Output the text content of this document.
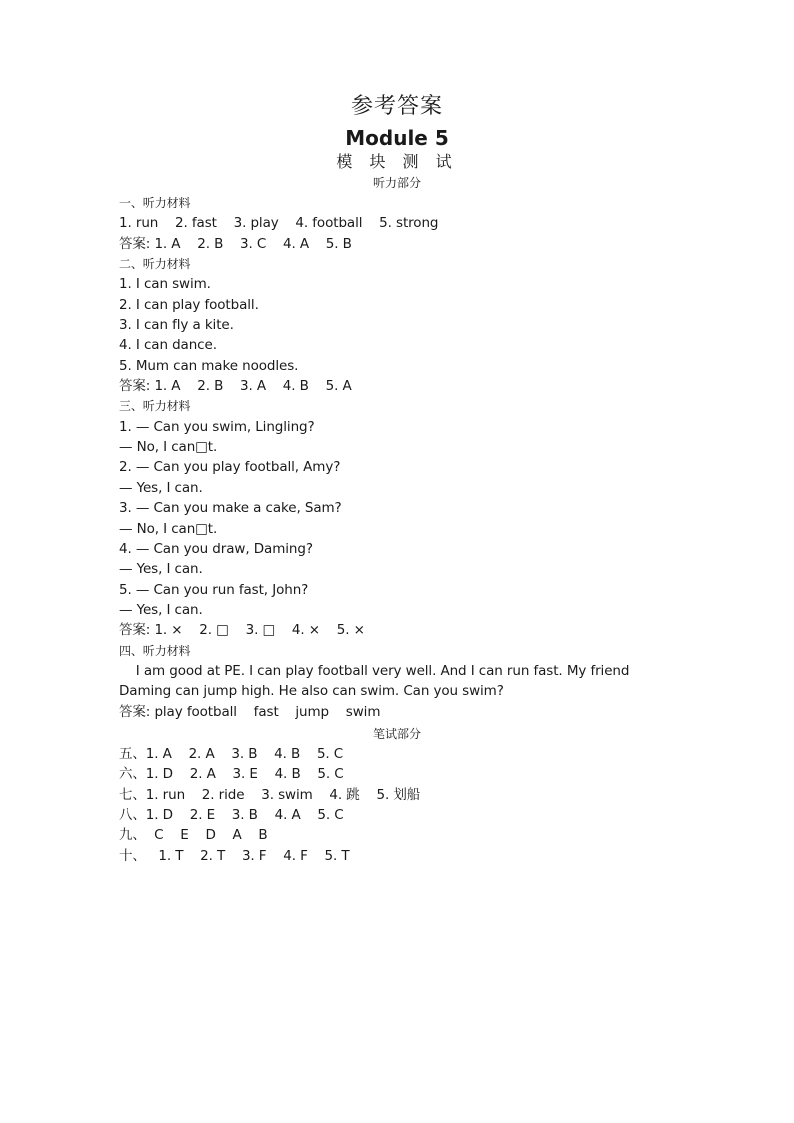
参考答案
Module 5
模 块 测 试
听力部分
一、听力材料
1. run    2. fast    3. play    4. football    5. strong
答案: 1. A    2. B    3. C    4. A    5. B
二、听力材料
1. I can swim.
2. I can play football.
3. I can fly a kite.
4. I can dance.
5. Mum can make noodles.
答案: 1. A    2. B    3. A    4. B    5. A
三、听力材料
1. — Can you swim, Lingling?
— No, I can□t.
2. — Can you play football, Amy?
— Yes, I can.
3. — Can you make a cake, Sam?
— No, I can□t.
4. — Can you draw, Daming?
— Yes, I can.
5. — Can you run fast, John?
— Yes, I can.
答案: 1. ×    2. □    3. □    4. ×    5. ×
四、听力材料
I am good at PE. I can play football very well. And I can run fast. My friend
Daming can jump high. He also can swim. Can you swim?
答案: play football    fast    jump    swim
笔试部分
五、1. A    2. A    3. B    4. B    5. C
六、1. D    2. A    3. E    4. B    5. C
七、1. run    2. ride    3. swim    4. 跳    5. 划船
八、1. D    2. E    3. B    4. A    5. C
九、  C    E    D    A    B
十、   1. T    2. T    3. F    4. F    5. T
